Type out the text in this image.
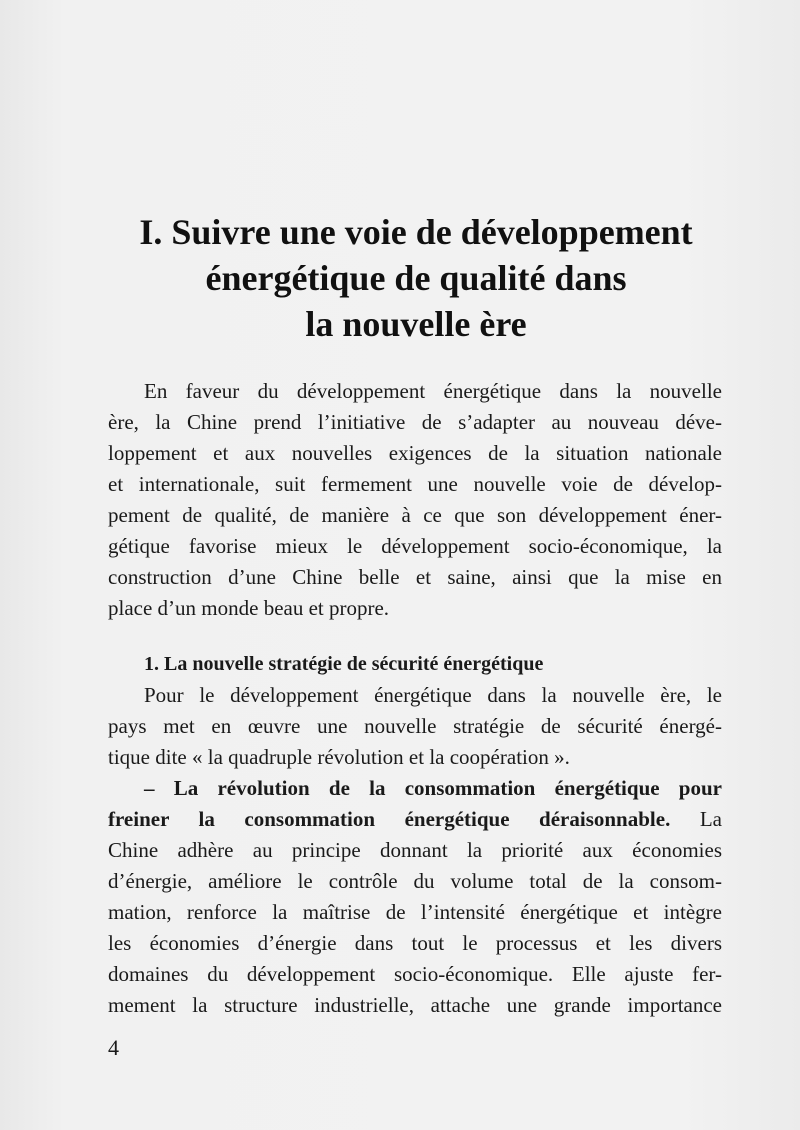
I. Suivre une voie de développement
énergétique de qualité dans
la nouvelle ère
En faveur du développement énergétique dans la nouvelle
ère, la Chine prend l’initiative de s’adapter au nouveau déve-
loppement et aux nouvelles exigences de la situation nationale
et internationale, suit fermement une nouvelle voie de dévelop-
pement de qualité, de manière à ce que son développement éner-
gétique favorise mieux le développement socio-économique, la
construction d’une Chine belle et saine, ainsi que la mise en
place d’un monde beau et propre.
1. La nouvelle stratégie de sécurité énergétique
Pour le développement énergétique dans la nouvelle ère, le
pays met en œuvre une nouvelle stratégie de sécurité énergé-
tique dite « la quadruple révolution et la coopération ».
– La révolution de la consommation énergétique pour
freiner la consommation énergétique déraisonnable. La
Chine adhère au principe donnant la priorité aux économies
d’énergie, améliore le contrôle du volume total de la consom-
mation, renforce la maîtrise de l’intensité énergétique et intègre
les économies d’énergie dans tout le processus et les divers
domaines du développement socio-économique. Elle ajuste fer-
mement la structure industrielle, attache une grande importance
4
